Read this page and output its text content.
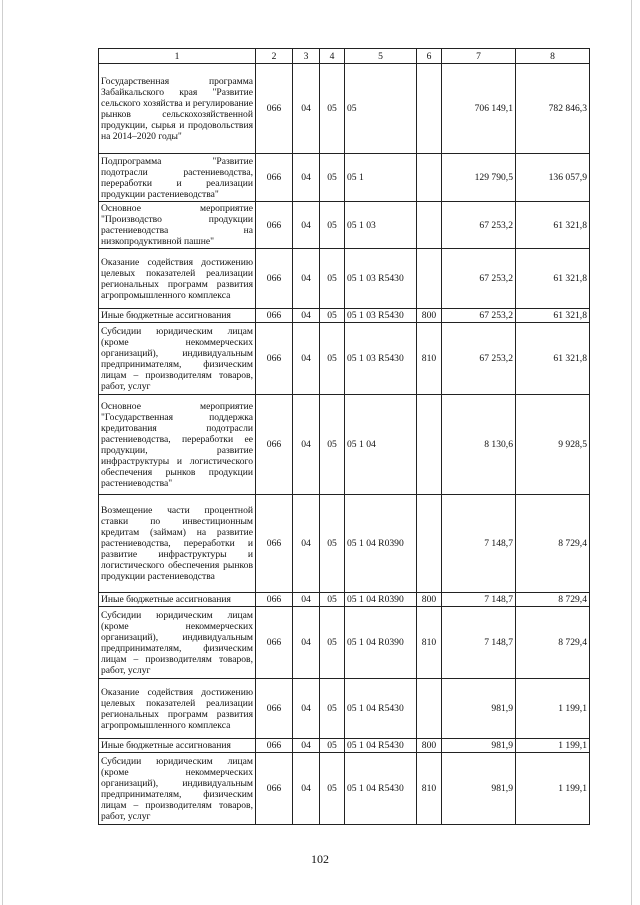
1	2	3	4	5	6	7	8
Государственная программа Забайкальского края "Развитие сельского хозяйства и регулирование рынков сельскохозяйственной продукции, сырья и продовольствия на 2014–2020 годы"	066	04	05	05		706 149,1	782 846,3
Подпрограмма "Развитие подотрасли растениеводства, переработки и реализации продукции растениеводства"	066	04	05	05 1		129 790,5	136 057,9
Основное мероприятие "Производство продукции растениеводства на низкопродуктивной пашне"	066	04	05	05 1 03		67 253,2	61 321,8
Оказание содействия достижению целевых показателей реализации региональных программ развития агропромышленного комплекса	066	04	05	05 1 03 R5430		67 253,2	61 321,8
Иные бюджетные ассигнования	066	04	05	05 1 03 R5430	800	67 253,2	61 321,8
Субсидии юридическим лицам (кроме некоммерческих организаций), индивидуальным предпринимателям, физическим лицам – производителям товаров, работ, услуг	066	04	05	05 1 03 R5430	810	67 253,2	61 321,8
Основное мероприятие "Государственная поддержка кредитования подотрасли растениеводства, переработки ее продукции, развитие инфраструктуры и логистического обеспечения рынков продукции растениеводства"	066	04	05	05 1 04		8 130,6	9 928,5
Возмещение части процентной ставки по инвестиционным кредитам (займам) на развитие растениеводства, переработки и развитие инфраструктуры и логистического обеспечения рынков продукции растениеводства	066	04	05	05 1 04 R0390		7 148,7	8 729,4
Иные бюджетные ассигнования	066	04	05	05 1 04 R0390	800	7 148,7	8 729,4
Субсидии юридическим лицам (кроме некоммерческих организаций), индивидуальным предпринимателям, физическим лицам – производителям товаров, работ, услуг	066	04	05	05 1 04 R0390	810	7 148,7	8 729,4
Оказание содействия достижению целевых показателей реализации региональных программ развития агропромышленного комплекса	066	04	05	05 1 04 R5430		981,9	1 199,1
Иные бюджетные ассигнования	066	04	05	05 1 04 R5430	800	981,9	1 199,1
Субсидии юридическим лицам (кроме некоммерческих организаций), индивидуальным предпринимателям, физическим лицам – производителям товаров, работ, услуг	066	04	05	05 1 04 R5430	810	981,9	1 199,1
102
